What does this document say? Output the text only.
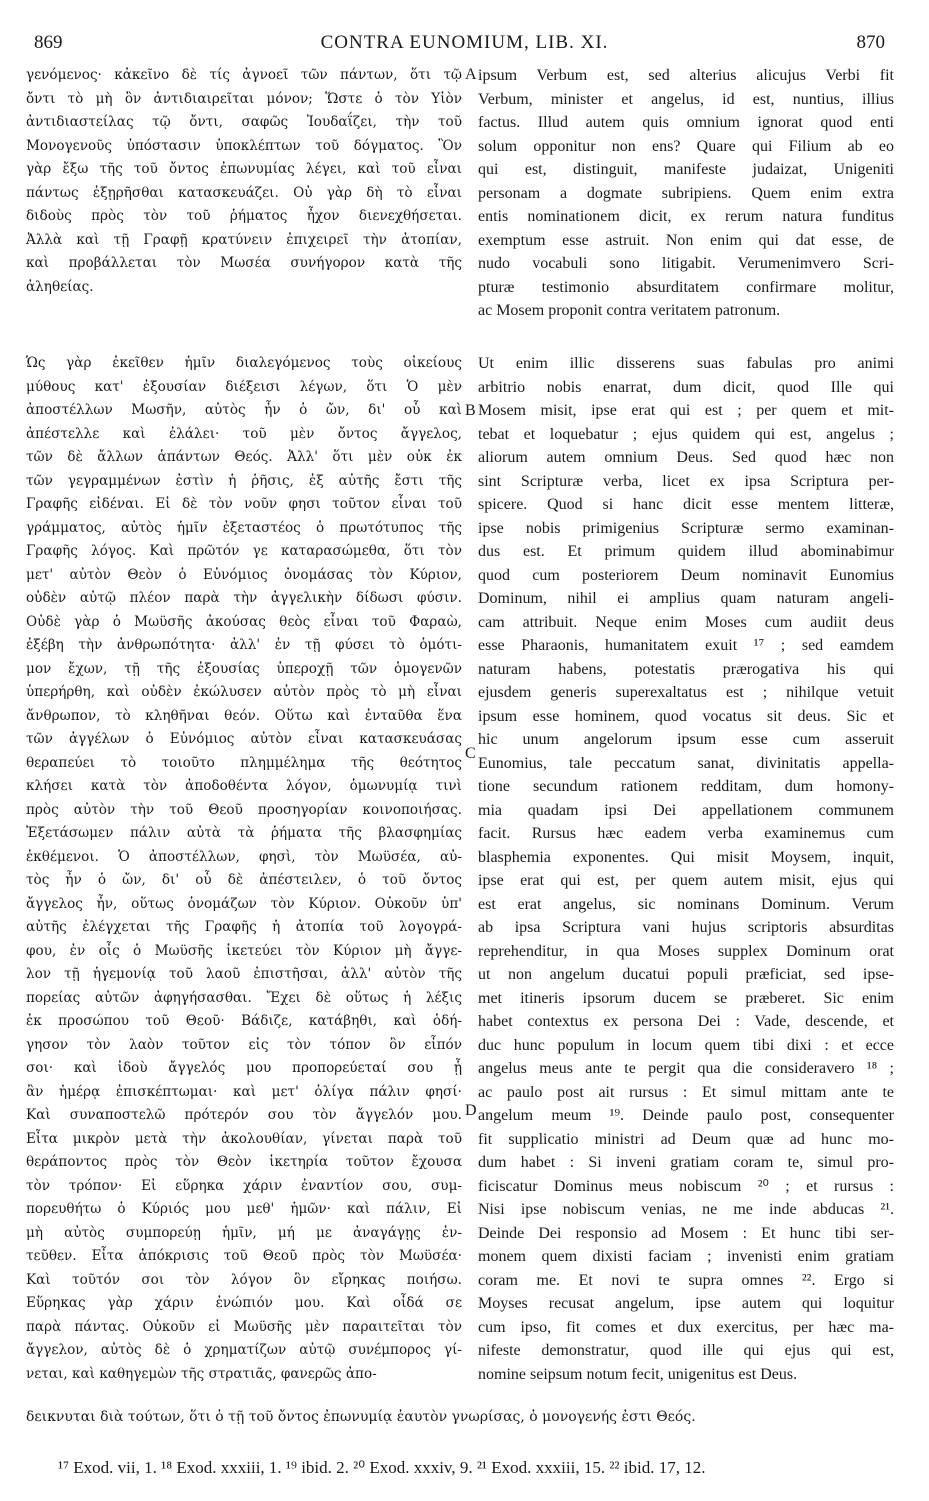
869	CONTRA EUNOMIUM, LIB. XI.	870
γενόμενος· κἀκεῖνο δὲ τίς ἀγνοεῖ τῶν πάντων, ὅτι τῷ
ὄντι τὸ μὴ ὂν ἀντιδιαιρεῖται μόνον; Ὥστε ὁ τὸν Υἱὸν
ἀντιδιαστείλας τῷ ὄντι, σαφῶς Ἰουδαΐζει, τὴν τοῦ
Μονογενοῦς ὑπόστασιν ὑποκλέπτων τοῦ δόγματος. Ὃν
γὰρ ἔξω τῆς τοῦ ὄντος ἐπωνυμίας λέγει, καὶ τοῦ εἶναι
πάντως ἐξῃρῆσθαι κατασκευάζει. Οὐ γὰρ δὴ τὸ εἶναι
διδοὺς πρὸς τὸν τοῦ ῥήματος ἦχον διενεχθήσεται.
Ἀλλὰ καὶ τῇ Γραφῇ κρατύνειν ἐπιχειρεῖ τὴν ἀτοπίαν,
καὶ προβάλλεται τὸν Μωσέα συνήγορον κατὰ τῆς
ἀληθείας.
ipsum Verbum est, sed alterius alicujus Verbi fit
Verbum, minister et angelus, id est, nuntius, illius
factus. Illud autem quis omnium ignorat quod enti
solum opponitur non ens? Quare qui Filium ab eo
qui est, distinguit, manifeste judaizat, Unigeniti
personam a dogmate subripiens. Quem enim extra
entis nominationem dicit, ex rerum natura funditus
exemptum esse astruit. Non enim qui dat esse, de
nudo vocabuli sono litigabit. Verumenimvero Scri-
pturæ testimonio absurditatem confirmare molitur,
ac Mosem proponit contra veritatem patronum.
Ὡς γὰρ ἐκεῖθεν ἡμῖν διαλεγόμενος τοὺς οἰκείους
μύθους κατ' ἐξουσίαν διέξεισι λέγων, ὅτι Ὁ μὲν
ἀποστέλλων Μωσῆν, αὐτὸς ἦν ὁ ὤν, δι' οὗ καὶ
ἀπέστελλε καὶ ἐλάλει· τοῦ μὲν ὄντος ἄγγελος,
τῶν δὲ ἄλλων ἁπάντων Θεός. Ἀλλ' ὅτι μὲν οὐκ ἐκ
τῶν γεγραμμένων ἐστὶν ἡ ῥῆσις, ἐξ αὐτῆς ἔστι τῆς
Γραφῆς εἰδέναι. Εἰ δὲ τὸν νοῦν φησι τοῦτον εἶναι τοῦ
γράμματος, αὐτὸς ἡμῖν ἐξεταστέος ὁ πρωτότυπος τῆς
Γραφῆς λόγος. Καὶ πρῶτόν γε καταρασώμεθα, ὅτι τὸν
μετ' αὐτὸν Θεὸν ὁ Εὐνόμιος ὀνομάσας τὸν Κύριον,
οὐδὲν αὐτῷ πλέον παρὰ τὴν ἀγγελικὴν δίδωσι φύσιν.
Οὐδὲ γὰρ ὁ Μωϋσῆς ἀκούσας θεὸς εἶναι τοῦ Φαραὼ,
ἐξέβη τὴν ἀνθρωπότητα· ἀλλ' ἐν τῇ φύσει τὸ ὁμότι-
μον ἔχων, τῇ τῆς ἐξουσίας ὑπεροχῇ τῶν ὁμογενῶν
ὑπερήρθη, καὶ οὐδὲν ἐκώλυσεν αὐτὸν πρὸς τὸ μὴ εἶναι
ἄνθρωπον, τὸ κληθῆναι θεόν. Οὕτω καὶ ἐνταῦθα ἕνα
τῶν ἀγγέλων ὁ Εὐνόμιος αὐτὸν εἶναι κατασκευάσας
θεραπεύει τὸ τοιοῦτο πλημμέλημα τῆς θεότητος
κλήσει κατὰ τὸν ἀποδοθέντα λόγον, ὁμωνυμίᾳ τινὶ
πρὸς αὐτὸν τὴν τοῦ Θεοῦ προσηγορίαν κοινοποιήσας.
Ἐξετάσωμεν πάλιν αὐτὰ τὰ ῥήματα τῆς βλασφημίας
ἐκθέμενοι. Ὁ ἀποστέλλων, φησὶ, τὸν Μωϋσέα, αὐ-
τὸς ἦν ὁ ὤν, δι' οὗ δὲ ἀπέστειλεν, ὁ τοῦ ὄντος
ἄγγελος ἦν, οὕτως ὀνομάζων τὸν Κύριον. Οὐκοῦν ὑπ'
αὐτῆς ἐλέγχεται τῆς Γραφῆς ἡ ἀτοπία τοῦ λογογρά-
φου, ἐν οἷς ὁ Μωϋσῆς ἱκετεύει τὸν Κύριον μὴ ἄγγε-
λον τῇ ἡγεμονίᾳ τοῦ λαοῦ ἐπιστῆσαι, ἀλλ' αὐτὸν τῆς
πορείας αὐτῶν ἀφηγήσασθαι. Ἔχει δὲ οὕτως ἡ λέξις
ἐκ προσώπου τοῦ Θεοῦ· Βάδιζε, κατάβηθι, καὶ ὁδή-
γησον τὸν λαὸν τοῦτον εἰς τὸν τόπον ὃν εἶπόν
σοι· καὶ ἰδοὺ ἄγγελός μου προπορεύεταί σου ᾗ
ἂν ἡμέρᾳ ἐπισκέπτωμαι· καὶ μετ' ὀλίγα πάλιν φησί·
Καὶ συναποστελῶ πρότερόν σου τὸν ἄγγελόν μου.
Εἶτα μικρὸν μετὰ τὴν ἀκολουθίαν, γίνεται παρὰ τοῦ
θεράποντος πρὸς τὸν Θεὸν ἱκετηρία τοῦτον ἔχουσα
τὸν τρόπον· Εἰ εὕρηκα χάριν ἐναντίον σου, συμ-
πορευθήτω ὁ Κύριός μου μεθ' ἡμῶν· καὶ πάλιν, Εἰ
μὴ αὐτὸς συμπορεύῃ ἡμῖν, μή με ἀναγάγῃς ἐν-
τεῦθεν. Εἶτα ἀπόκρισις τοῦ Θεοῦ πρὸς τὸν Μωϋσέα·
Καὶ τοῦτόν σοι τὸν λόγον ὃν εἴρηκας ποιήσω.
Εὕρηκας γὰρ χάριν ἐνώπιόν μου. Καὶ οἶδά σε
παρὰ πάντας. Οὐκοῦν εἰ Μωϋσῆς μὲν παραιτεῖται τὸν
ἄγγελον, αὐτὸς δὲ ὁ χρηματίζων αὐτῷ συνέμπορος γί-
νεται, καὶ καθηγεμὼν τῆς στρατιᾶς, φανερῶς ἀπο-
Ut enim illic disserens suas fabulas pro animi
arbitrio nobis enarrat, dum dicit, quod Ille qui
Mosem misit, ipse erat qui est ; per quem et mit-
tebat et loquebatur ; ejus quidem qui est, angelus ;
aliorum autem omnium Deus. Sed quod hæc non
sint Scripturæ verba, licet ex ipsa Scriptura per-
spicere. Quod si hanc dicit esse mentem litteræ,
ipse nobis primigenius Scripturæ sermo examinan-
dus est. Et primum quidem illud abominabimur
quod cum posteriorem Deum nominavit Eunomius
Dominum, nihil ei amplius quam naturam angeli-
cam attribuit. Neque enim Moses cum audiit deus
esse Pharaonis, humanitatem exuit ¹⁷ ; sed eamdem
naturam habens, potestatis prærogativa his qui
ejusdem generis superexaltatus est ; nihilque vetuit
ipsum esse hominem, quod vocatus sit deus. Sic et
hic unum angelorum ipsum esse cum asseruit
Eunomius, tale peccatum sanat, divinitatis appella-
tione secundum rationem redditam, dum homony-
mia quadam ipsi Dei appellationem communem
facit. Rursus hæc eadem verba examinemus cum
blasphemia exponentes. Qui misit Moysem, inquit,
ipse erat qui est, per quem autem misit, ejus qui
est erat angelus, sic nominans Dominum. Verum
ab ipsa Scriptura vani hujus scriptoris absurditas
reprehenditur, in qua Moses supplex Dominum orat
ut non angelum ducatui populi præficiat, sed ipse-
met itineris ipsorum ducem se præberet. Sic enim
habet contextus ex persona Dei : Vade, descende, et
duc hunc populum in locum quem tibi dixi : et ecce
angelus meus ante te pergit qua die consideravero ¹⁸ ;
ac paulo post ait rursus : Et simul mittam ante te
angelum meum ¹⁹. Deinde paulo post, consequenter
fit supplicatio ministri ad Deum quæ ad hunc mo-
dum habet : Si inveni gratiam coram te, simul pro-
ficiscatur Dominus meus nobiscum ²⁰ ; et rursus :
Nisi ipse nobiscum venias, ne me inde abducas ²¹.
Deinde Dei responsio ad Mosem : Et hunc tibi ser-
monem quem dixisti faciam ; invenisti enim gratiam
coram me. Et novi te supra omnes ²². Ergo si
Moyses recusat angelum, ipse autem qui loquitur
cum ipso, fit comes et dux exercitus, per hæc ma-
nifeste demonstratur, quod ille qui ejus qui est,
nomine seipsum notum fecit, unigenitus est Deus.
A
B
C
D
δεικνυται διὰ τούτων, ὅτι ὁ τῇ τοῦ ὄντος ἐπωνυμίᾳ ἑαυτὸν γνωρίσας, ὁ μονογενής ἐστι Θεός.
¹⁷ Exod. vii, 1. ¹⁸ Exod. xxxiii, 1. ¹⁹ ibid. 2. ²⁰ Exod. xxxiv, 9. ²¹ Exod. xxxiii, 15. ²² ibid. 17, 12.
